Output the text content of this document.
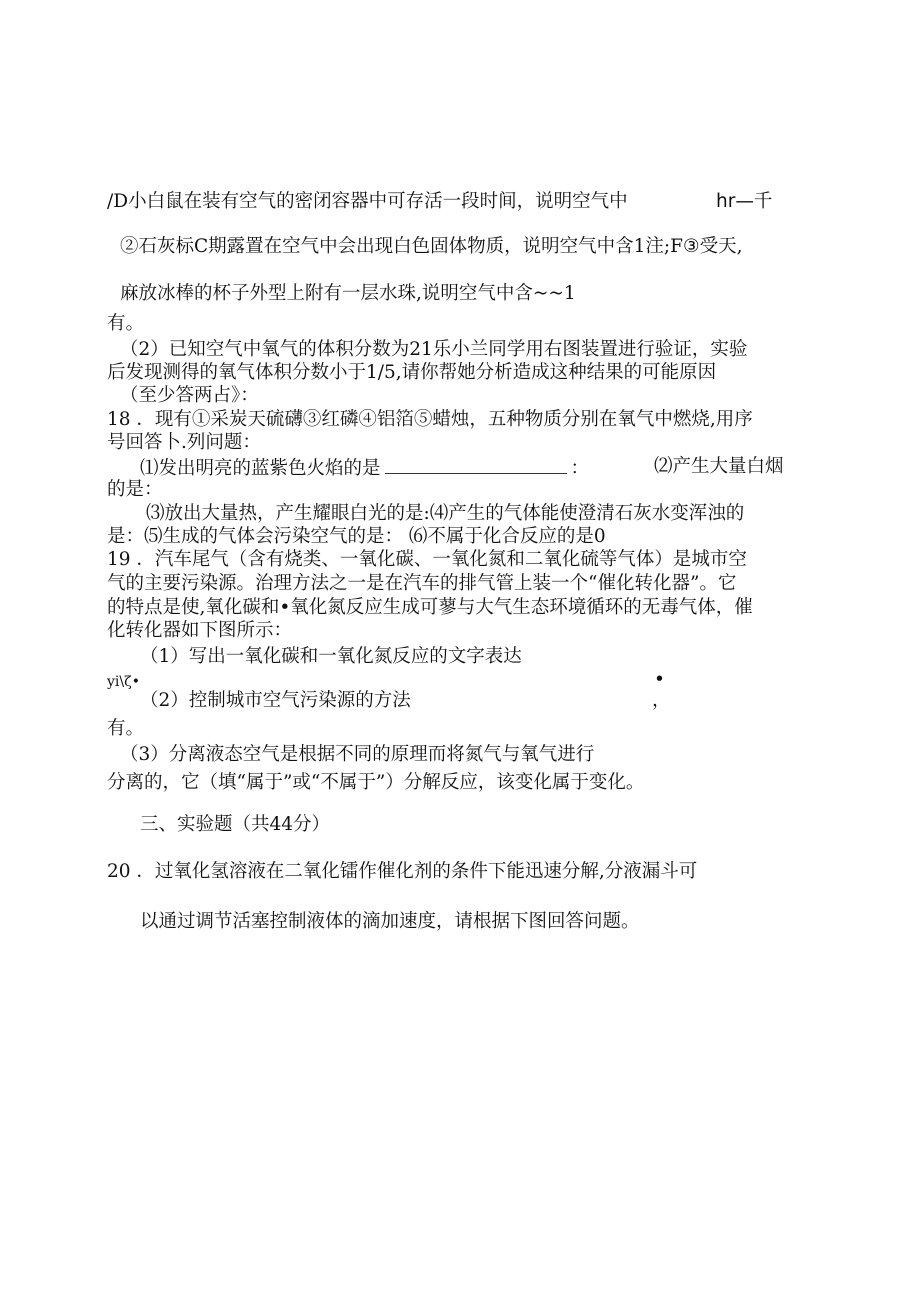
/D小白鼠在装有空气的密闭容器中可存活一段时间，说明空气中	hr—千
②石灰标C期露置在空气中会出现白色固体物质，说明空气中含1注;F③受天,
麻放冰棒的杯子外型上附有一层水珠,说明空气中含~~1
有。
（2）已知空气中氧气的体积分数为21乐小兰同学用右图装置进行验证，实验
后发现测得的氧气体积分数小于1/5,请你帮她分析造成这种结果的可能原因
（至少答两占》：
18 ．现有①采炭天硫礴③红磷④铝箔⑤蜡烛，五种物质分别在氧气中燃烧,用序
号回答卜.列问题：
⑴发出明亮的蓝紫色火焰的是	：	⑵产生大量白烟
的是：
⑶放出大量热，产生耀眼白光的是:⑷产生的气体能使澄清石灰水变浑浊的
是：⑸生成的气体会污染空气的是： ⑹不属于化合反应的是0
19 ．汽车尾气（含有烧类、一氧化碳、一氧化氮和二氧化硫等气体）是城市空
气的主要污染源。治理方法之一是在汽车的排气管上装一个“催化转化器”。它
的特点是使,氧化碳和•氧化氮反应生成可蓼与大气生态环境循环的无毒气体，催
化转化器如下图所示：
（1）写出一氧化碳和一氧化氮反应的文字表达
yi\ζ•	•
（2）控制城市空气污染源的方法	，
有。
（3）分离液态空气是根据不同的原理而将氮气与氧气进行
分离的，它（填“属于”或“不属于”）分解反应，该变化属于变化。
三、实验题（共44分）
20 ．过氧化氢溶液在二氧化镭作催化剂的条件下能迅速分解,分液漏斗可
以通过调节活塞控制液体的滴加速度，请根据下图回答问题。
